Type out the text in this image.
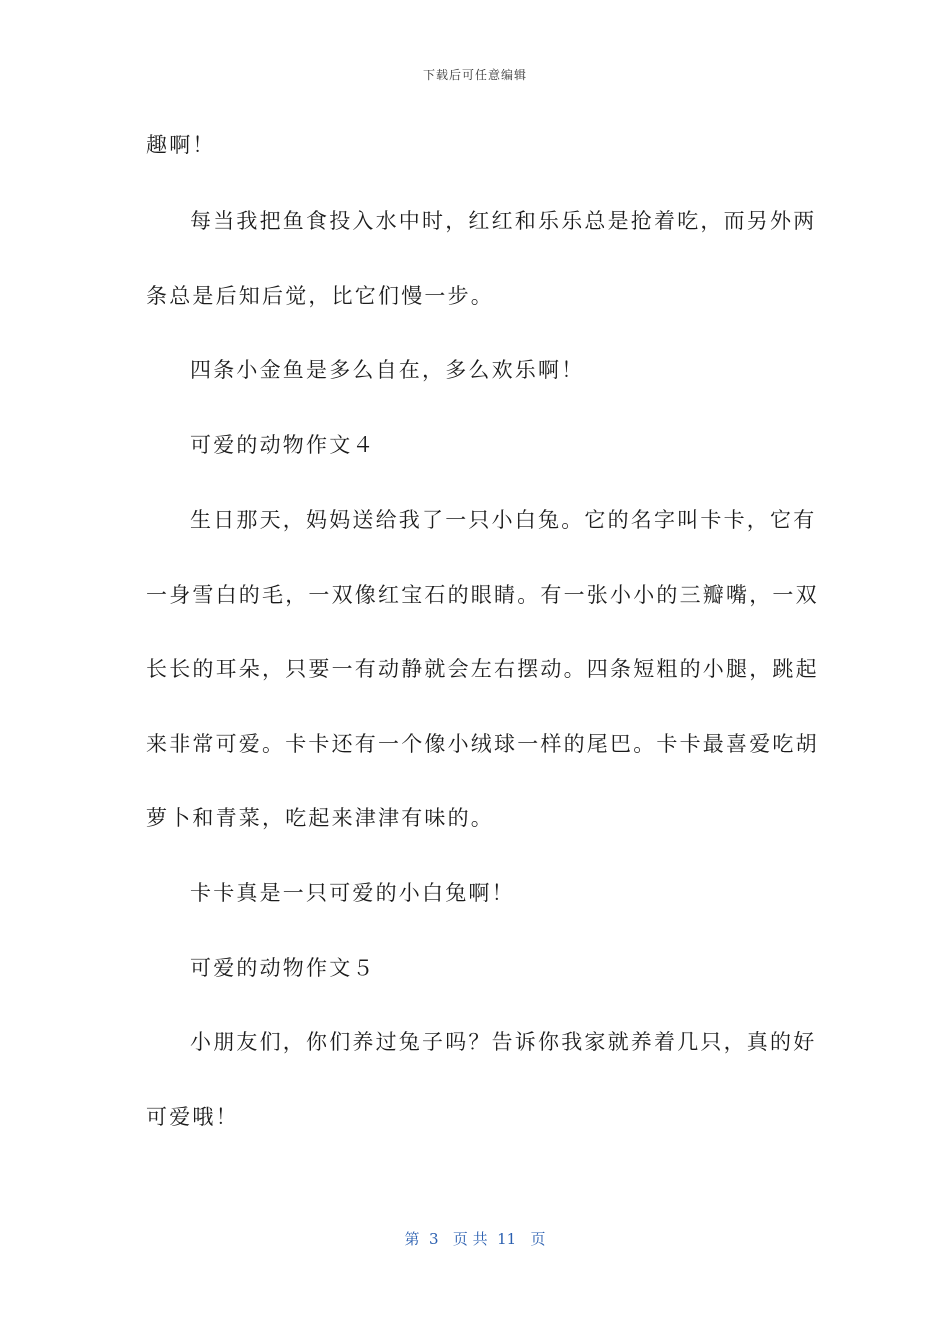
下载后可任意编辑
趣啊！
每当我把鱼食投入水中时，红红和乐乐总是抢着吃，而另外两
条总是后知后觉，比它们慢一步。
四条小金鱼是多么自在，多么欢乐啊！
可爱的动物作文４
生日那天，妈妈送给我了一只小白兔。它的名字叫卡卡，它有
一身雪白的毛，一双像红宝石的眼睛。有一张小小的三瓣嘴，一双
长长的耳朵，只要一有动静就会左右摆动。四条短粗的小腿，跳起
来非常可爱。卡卡还有一个像小绒球一样的尾巴。卡卡最喜爱吃胡
萝卜和青菜，吃起来津津有味的。
卡卡真是一只可爱的小白兔啊！
可爱的动物作文５
小朋友们，你们养过兔子吗？告诉你我家就养着几只，真的好
可爱哦！
第  3   页 共  11   页
